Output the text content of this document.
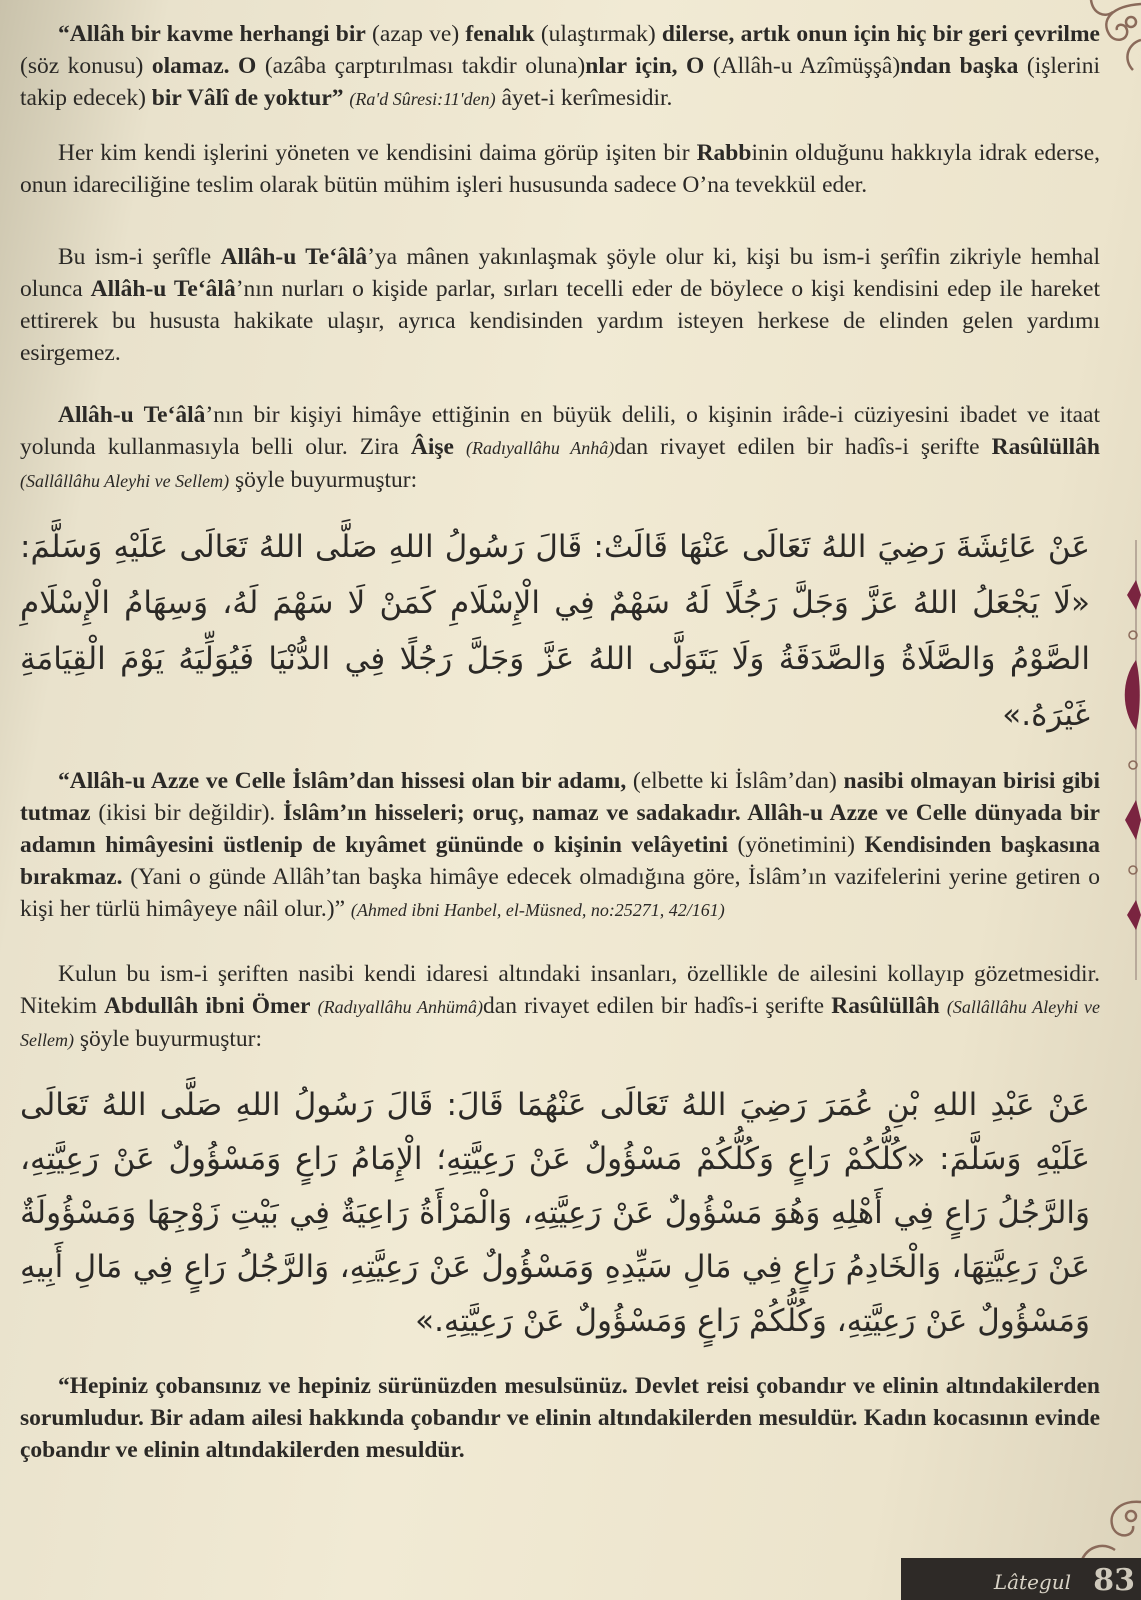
“Allâh bir kavme herhangi bir (azap ve) fenalık (ulaştırmak) dilerse, artık onun için hiç bir geri çevrilme (söz konusu) olamaz. O (azâba çarptırılması takdir oluna)nlar için, O (Allâh-u Azîmüşşâ)ndan başka (işlerini takip edecek) bir Vâlî de yoktur” (Ra'd Sûresi:11'den) âyet-i kerîmesidir.

Her kim kendi işlerini yöneten ve kendisini daima görüp işiten bir Rabbinin olduğunu hakkıyla idrak ederse, onun idareciliğine teslim olarak bütün mühim işleri hususunda sadece O’na tevekkül eder.

Bu ism-i şerîfle Allâh-u Te‘âlâ’ya mânen yakınlaşmak şöyle olur ki, kişi bu ism-i şerîfin zikriyle hemhal olunca Allâh-u Te‘âlâ’nın nurları o kişide parlar, sırları tecelli eder de böylece o kişi kendisini edep ile hareket ettirerek bu hususta hakikate ulaşır, ayrıca kendisinden yardım isteyen herkese de elinden gelen yardımı esirgemez.

Allâh-u Te‘âlâ’nın bir kişiyi himâye ettiğinin en büyük delili, o kişinin irâde-i cüziyesini ibadet ve itaat yolunda kullanmasıyla belli olur. Zira Âişe (Radıyallâhu Anhâ)dan rivayet edilen bir hadîs-i şerifte Rasûlüllâh (Sallâllâhu Aleyhi ve Sellem) şöyle buyurmuştur:

عَنْ عَائِشَةَ رَضِيَ اللهُ تَعَالَى عَنْهَا قَالَتْ: قَالَ رَسُولُ اللهِ صَلَّى اللهُ تَعَالَى عَلَيْهِ وَسَلَّمَ: «لَا يَجْعَلُ اللهُ عَزَّ وَجَلَّ رَجُلًا لَهُ سَهْمٌ فِي الْإِسْلَامِ كَمَنْ لَا سَهْمَ لَهُ، وَسِهَامُ الْإِسْلَامِ الصَّوْمُ وَالصَّلَاةُ وَالصَّدَقَةُ وَلَا يَتَوَلَّى اللهُ عَزَّ وَجَلَّ رَجُلًا فِي الدُّنْيَا فَيُوَلِّيَهُ يَوْمَ الْقِيَامَةِ غَيْرَهُ.»

“Allâh-u Azze ve Celle İslâm’dan hissesi olan bir adamı, (elbette ki İslâm’dan) nasibi olmayan birisi gibi tutmaz (ikisi bir değildir). İslâm’ın hisseleri; oruç, namaz ve sadakadır. Allâh-u Azze ve Celle dünyada bir adamın himâyesini üstlenip de kıyâmet gününde o kişinin velâyetini (yönetimini) Kendisinden başkasına bırakmaz. (Yani o günde Allâh’tan başka himâye edecek olmadığına göre, İslâm’ın vazifelerini yerine getiren o kişi her türlü himâyeye nâil olur.)” (Ahmed ibni Hanbel, el-Müsned, no:25271, 42/161)

Kulun bu ism-i şeriften nasibi kendi idaresi altındaki insanları, özellikle de ailesini kollayıp gözetmesidir. Nitekim Abdullâh ibni Ömer (Radıyallâhu Anhümâ)dan rivayet edilen bir hadîs-i şerifte Rasûlüllâh (Sallâllâhu Aleyhi ve Sellem) şöyle buyurmuştur:

عَنْ عَبْدِ اللهِ بْنِ عُمَرَ رَضِيَ اللهُ تَعَالَى عَنْهُمَا قَالَ: قَالَ رَسُولُ اللهِ صَلَّى اللهُ تَعَالَى عَلَيْهِ وَسَلَّمَ: «كُلُّكُمْ رَاعٍ وَكُلُّكُمْ مَسْؤُولٌ عَنْ رَعِيَّتِهِ؛ الْإِمَامُ رَاعٍ وَمَسْؤُولٌ عَنْ رَعِيَّتِهِ، وَالرَّجُلُ رَاعٍ فِي أَهْلِهِ وَهُوَ مَسْؤُولٌ عَنْ رَعِيَّتِهِ، وَالْمَرْأَةُ رَاعِيَةٌ فِي بَيْتِ زَوْجِهَا وَمَسْؤُولَةٌ عَنْ رَعِيَّتِهَا، وَالْخَادِمُ رَاعٍ فِي مَالِ سَيِّدِهِ وَمَسْؤُولٌ عَنْ رَعِيَّتِهِ، وَالرَّجُلُ رَاعٍ فِي مَالِ أَبِيهِ وَمَسْؤُولٌ عَنْ رَعِيَّتِهِ، وَكُلُّكُمْ رَاعٍ وَمَسْؤُولٌ عَنْ رَعِيَّتِهِ.»

“Hepiniz çobansınız ve hepiniz sürünüzden mesulsünüz. Devlet reisi çobandır ve elinin altındakilerden sorumludur. Bir adam ailesi hakkında çobandır ve elinin altındakilerden mesuldür. Kadın kocasının evinde çobandır ve elinin altındakilerden mesuldür.

Lâtegul 83
